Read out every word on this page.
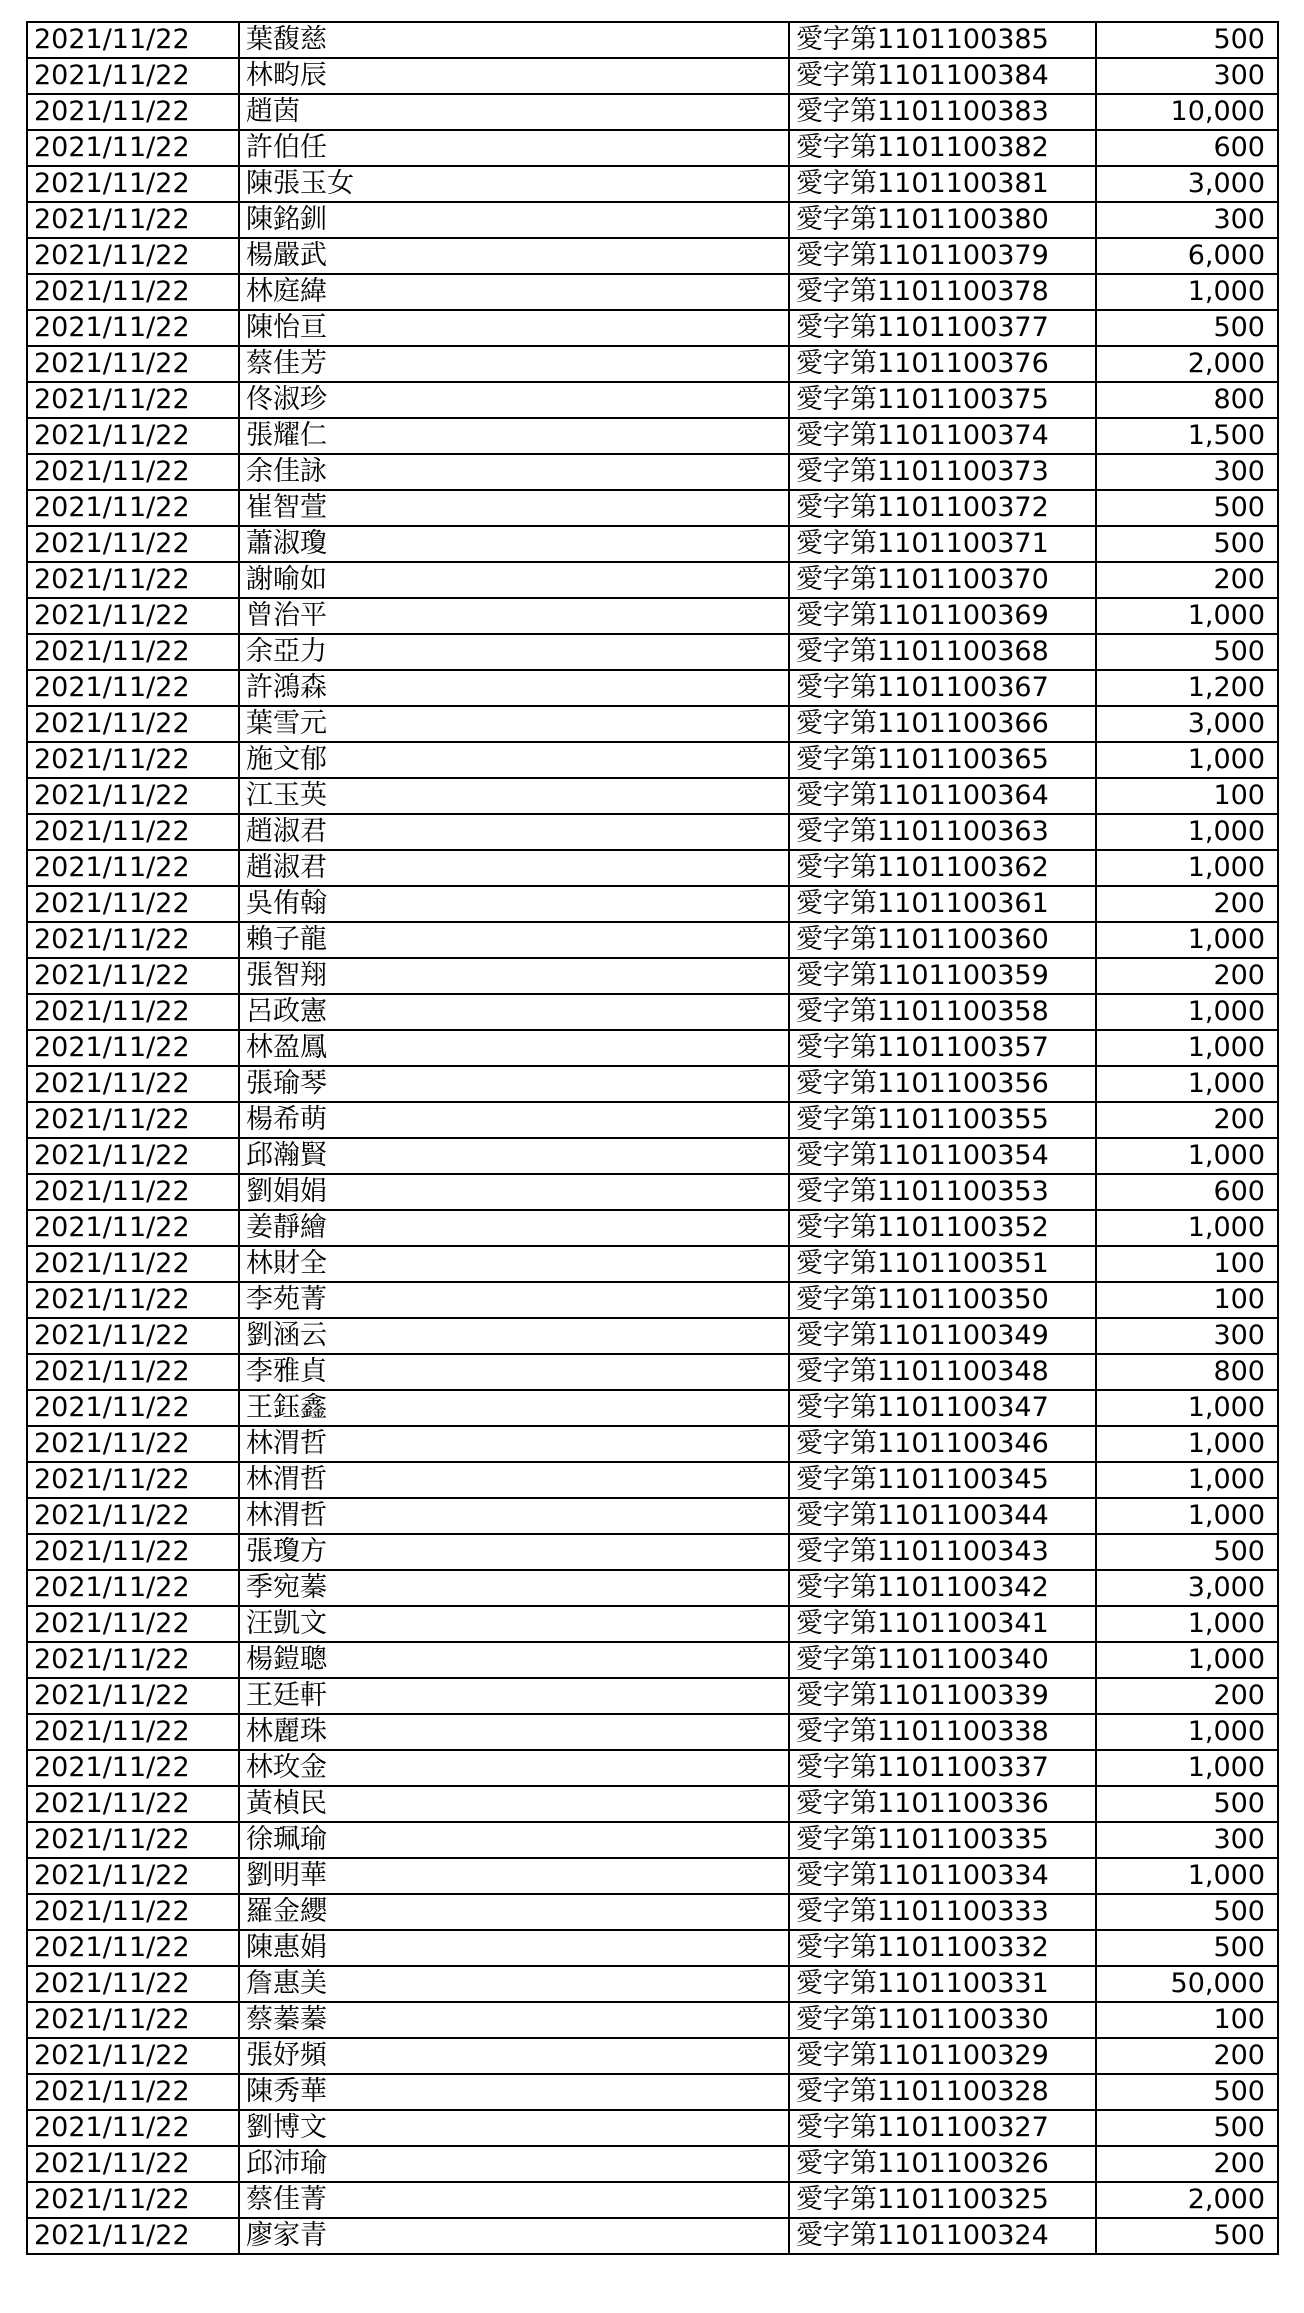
2021/11/22	葉馥慈	愛字第1101100385	500
2021/11/22	林畇辰	愛字第1101100384	300
2021/11/22	趙茵	愛字第1101100383	10,000
2021/11/22	許伯任	愛字第1101100382	600
2021/11/22	陳張玉女	愛字第1101100381	3,000
2021/11/22	陳銘釧	愛字第1101100380	300
2021/11/22	楊嚴武	愛字第1101100379	6,000
2021/11/22	林庭緯	愛字第1101100378	1,000
2021/11/22	陳怡亘	愛字第1101100377	500
2021/11/22	蔡佳芳	愛字第1101100376	2,000
2021/11/22	佟淑珍	愛字第1101100375	800
2021/11/22	張耀仁	愛字第1101100374	1,500
2021/11/22	余佳詠	愛字第1101100373	300
2021/11/22	崔智萱	愛字第1101100372	500
2021/11/22	蕭淑瓊	愛字第1101100371	500
2021/11/22	謝喻如	愛字第1101100370	200
2021/11/22	曾治平	愛字第1101100369	1,000
2021/11/22	余亞力	愛字第1101100368	500
2021/11/22	許鴻森	愛字第1101100367	1,200
2021/11/22	葉雪元	愛字第1101100366	3,000
2021/11/22	施文郁	愛字第1101100365	1,000
2021/11/22	江玉英	愛字第1101100364	100
2021/11/22	趙淑君	愛字第1101100363	1,000
2021/11/22	趙淑君	愛字第1101100362	1,000
2021/11/22	吳侑翰	愛字第1101100361	200
2021/11/22	賴子龍	愛字第1101100360	1,000
2021/11/22	張智翔	愛字第1101100359	200
2021/11/22	呂政憲	愛字第1101100358	1,000
2021/11/22	林盈鳳	愛字第1101100357	1,000
2021/11/22	張瑜琴	愛字第1101100356	1,000
2021/11/22	楊希萌	愛字第1101100355	200
2021/11/22	邱瀚賢	愛字第1101100354	1,000
2021/11/22	劉娟娟	愛字第1101100353	600
2021/11/22	姜靜繪	愛字第1101100352	1,000
2021/11/22	林財全	愛字第1101100351	100
2021/11/22	李苑菁	愛字第1101100350	100
2021/11/22	劉涵云	愛字第1101100349	300
2021/11/22	李雅貞	愛字第1101100348	800
2021/11/22	王鈺鑫	愛字第1101100347	1,000
2021/11/22	林渭哲	愛字第1101100346	1,000
2021/11/22	林渭哲	愛字第1101100345	1,000
2021/11/22	林渭哲	愛字第1101100344	1,000
2021/11/22	張瓊方	愛字第1101100343	500
2021/11/22	季宛蓁	愛字第1101100342	3,000
2021/11/22	汪凱文	愛字第1101100341	1,000
2021/11/22	楊鎧聰	愛字第1101100340	1,000
2021/11/22	王廷軒	愛字第1101100339	200
2021/11/22	林麗珠	愛字第1101100338	1,000
2021/11/22	林玫金	愛字第1101100337	1,000
2021/11/22	黃楨民	愛字第1101100336	500
2021/11/22	徐珮瑜	愛字第1101100335	300
2021/11/22	劉明華	愛字第1101100334	1,000
2021/11/22	羅金纓	愛字第1101100333	500
2021/11/22	陳惠娟	愛字第1101100332	500
2021/11/22	詹惠美	愛字第1101100331	50,000
2021/11/22	蔡蓁蓁	愛字第1101100330	100
2021/11/22	張妤頻	愛字第1101100329	200
2021/11/22	陳秀華	愛字第1101100328	500
2021/11/22	劉博文	愛字第1101100327	500
2021/11/22	邱沛瑜	愛字第1101100326	200
2021/11/22	蔡佳菁	愛字第1101100325	2,000
2021/11/22	廖家青	愛字第1101100324	500
